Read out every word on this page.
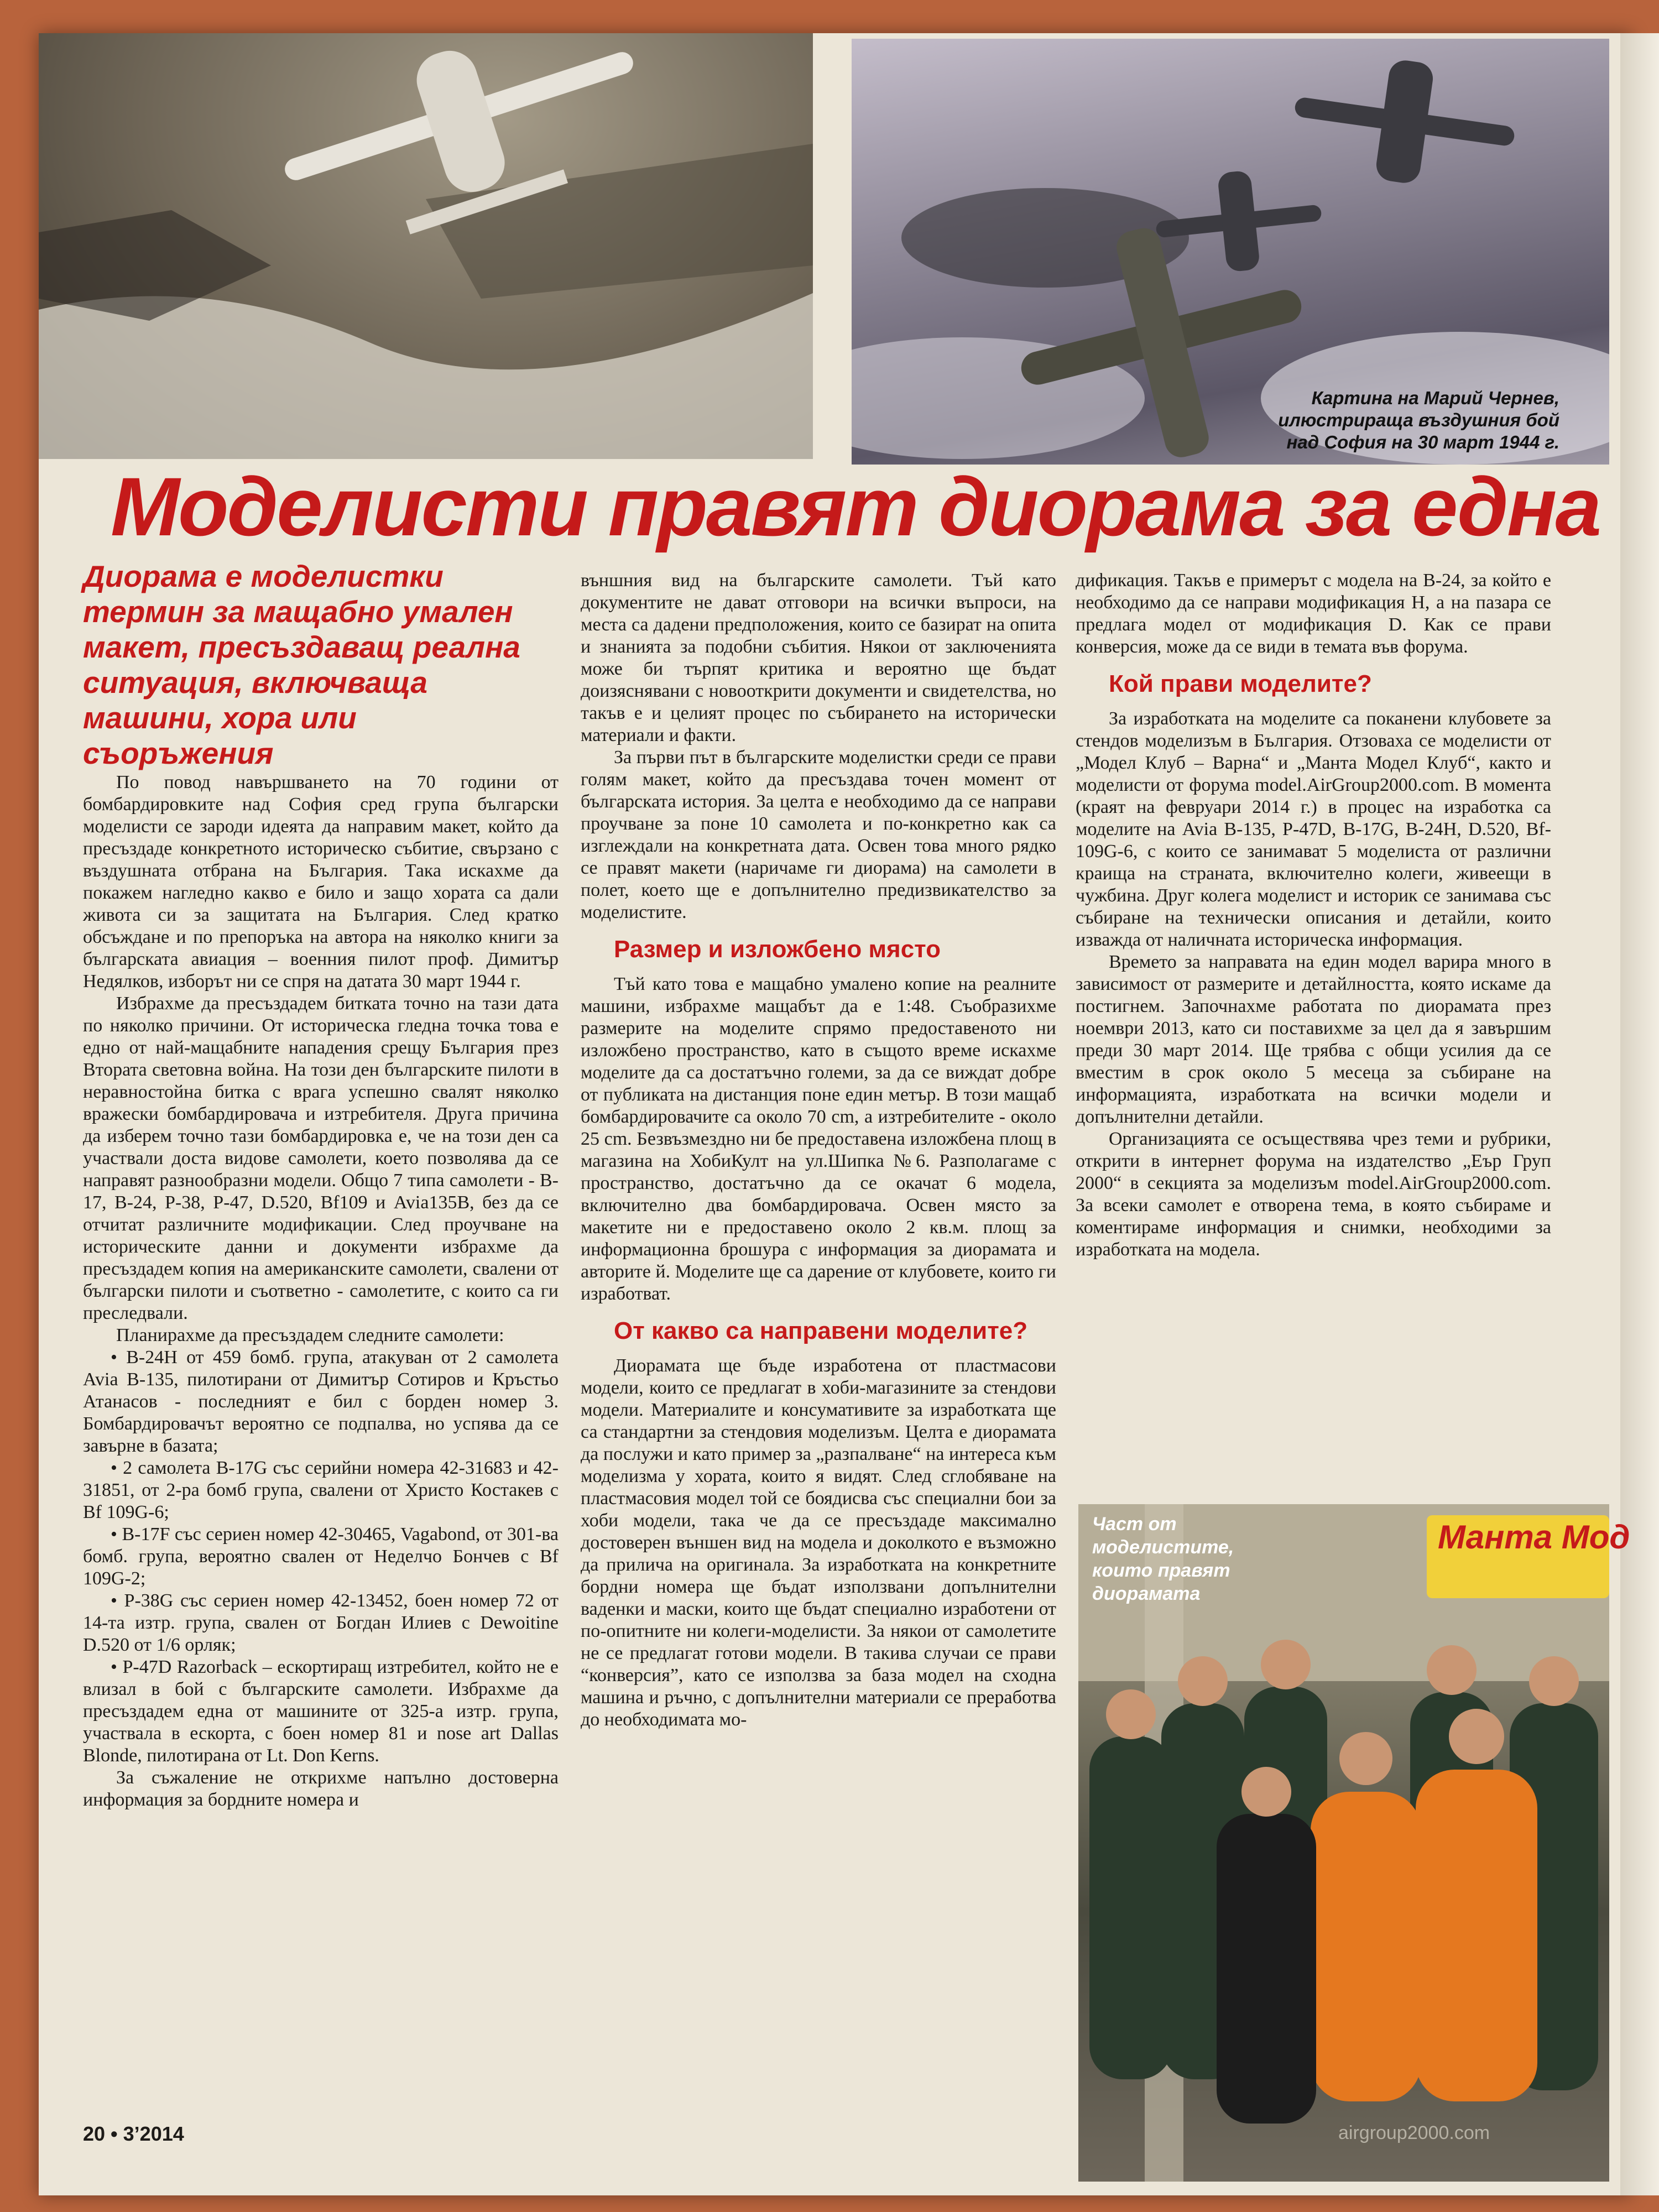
Картина на Марий Чернев,
илюстрираща въздушния бой
над София на 30 март 1944 г.
Моделисти правят диорама за една
Диорама е моделистки термин за мащабно умален макет, пресъздаващ реална ситуация, включваща машини, хора или съоръжения

По повод навършването на 70 години от бомбардировките над София сред група български моделисти се зароди идеята да направим макет, който да пресъздаде конкретното историческо събитие, свързано с въздушната отбрана на България. Така искахме да покажем нагледно какво е било и защо хората са дали живота си за защитата на България. След кратко обсъждане и по препоръка на автора на няколко книги за българската авиация – военния пилот проф. Димитър Недялков, изборът ни се спря на датата 30 март 1944 г.

Избрахме да пресъздадем битката точно на тази дата по няколко причини. От историческа гледна точка това е едно от най-мащабните нападения срещу България през Втората световна война. На този ден българските пилоти в неравностойна битка с врага успешно свалят няколко вражески бомбардировача и изтребителя. Друга причина да изберем точно тази бомбардировка е, че на този ден са участвали доста видове самолети, което позволява да се направят разнообразни модели. Общо 7 типа самолети - B-17, B-24, P-38, P-47, D.520, Bf109 и Avia135B, без да се отчитат различните модификации. След проучване на историческите данни и документи избрахме да пресъздадем копия на американските самолети, свалени от български пилоти и съответно - самолетите, с които са ги преследвали.

Планирахме да пресъздадем следните самолети:

• B-24H от 459 бомб. група, атакуван от 2 самолета Avia B-135, пилотирани от Димитър Сотиров и Кръстьо Атанасов - последният е бил с борден номер 3. Бомбардировачът вероятно се подпалва, но успява да се завърне в базата;

• 2 самолета B-17G със серийни номера 42-31683 и 42-31851, от 2-ра бомб група, свалени от Христо Костакев с Bf 109G-6;

• B-17F със сериен номер 42-30465, Vagabond, от 301-ва бомб. група, вероятно свален от Неделчо Бончев с Bf 109G-2;

• P-38G със сериен номер 42-13452, боен номер 72 от 14-та изтр. група, свален от Богдан Илиев с Dewoitine D.520 от 1/6 орляк;

• P-47D Razorback – ескортиращ изтребител, който не е влизал в бой с българските самолети. Избрахме да пресъздадем една от машините от 325-а изтр. група, участвала в ескорта, с боен номер 81 и nose art Dallas Blonde, пилотирана от Lt. Don Kerns.

За съжаление не открихме напълно достоверна информация за бордните номера и

външния вид на българските самолети. Тъй като документите не дават отговори на всички въпроси, на места са дадени предположения, които се базират на опита и знанията за подобни събития. Някои от заключенията може би търпят критика и вероятно ще бъдат доизяснявани с новооткрити документи и свидетелства, но такъв е и целият процес по събирането на исторически материали и факти.

За първи път в българските моделистки среди се прави голям макет, който да пресъздава точен момент от българската история. За целта е необходимо да се направи проучване за поне 10 самолета и по-конкретно как са изглеждали на конкретната дата. Освен това много рядко се правят макети (наричаме ги диорама) на самолети в полет, което ще е допълнително предизвикателство за моделистите.

Размер и изложбено място

Тъй като това е мащабно умалено копие на реалните машини, избрахме мащабът да е 1:48. Съобразихме размерите на моделите спрямо предоставеното ни изложбено пространство, като в същото време искахме моделите да са достатъчно големи, за да се виждат добре от публиката на дистанция поне един метър. В този мащаб бомбардировачите са около 70 cm, а изтребителите - около 25 cm. Безвъзмездно ни бе предоставена изложбена площ в магазина на ХобиКулт на ул.Шипка №6. Разполагаме с пространство, достатъчно да се окачат 6 модела, включително два бомбардировача. Освен място за макетите ни е предоставено около 2 кв.м. площ за информационна брошура с информация за диорамата и авторите й. Моделите ще са дарение от клубовете, които ги изработват.

От какво са направени моделите?

Диорамата ще бъде изработена от пластмасови модели, които се предлагат в хоби-магазините за стендови модели. Материалите и консумативите за изработката ще са стандартни за стендовия моделизъм. Целта е диорамата да послужи и като пример за „разпалване“ на интереса към моделизма у хората, които я видят. След сглобяване на пластмасовия модел той се боядисва със специални бои за хоби модели, така че да се пресъздаде максимално достоверен външен вид на модела и доколкото е възможно да прилича на оригинала. За изработката на конкретните бордни номера ще бъдат използвани допълнителни ваденки и маски, които ще бъдат специално изработени от по-опитните ни колеги-моделисти. За някои от самолетите не се предлагат готови модели. В такива случаи се прави “конверсия”, като се използва за база модел на сходна машина и ръчно, с допълнителни материали се преработва до необходимата мо-

дификация. Такъв е примерът с модела на B-24, за който е необходимо да се направи модификация H, а на пазара се предлага модел от модификация D. Как се прави конверсия, може да се види в темата във форума.

Кой прави моделите?

За изработката на моделите са поканени клубовете за стендов моделизъм в България. Отзоваха се моделисти от „Модел Клуб – Варна“ и „Манта Модел Клуб“, както и моделисти от форума model.AirGroup2000.com. В момента (краят на февруари 2014 г.) в процес на изработка са моделите на Avia B-135, P-47D, B-17G, B-24H, D.520, Bf-109G-6, с които се занимават 5 моделиста от различни краища на страната, включително колеги, живеещи в чужбина. Друг колега моделист и историк се занимава със събиране на технически описания и детайли, които изважда от наличната историческа информация.

Времето за направата на един модел варира много в зависимост от размерите и детайлността, която искаме да постигнем. Започнахме работата по диорамата през ноември 2013, като си поставихме за цел да я завършим преди 30 март 2014. Ще трябва с общи усилия да се вместим в срок около 5 месеца за събиране на информацията, изработката на всички модели и допълнителни детайли.

Организацията се осъществява чрез теми и рубрики, открити в интернет форума на издателство „Еър Груп 2000“ в секцията за моделизъм model.AirGroup2000.com. За всеки самолет е отворена тема, в която събираме и коментираме информация и снимки, необходими за изработката на модела.

Манта Мод
Част от
моделистите,
които правят
диорамата
20 • 3’2014	airgroup2000.com
